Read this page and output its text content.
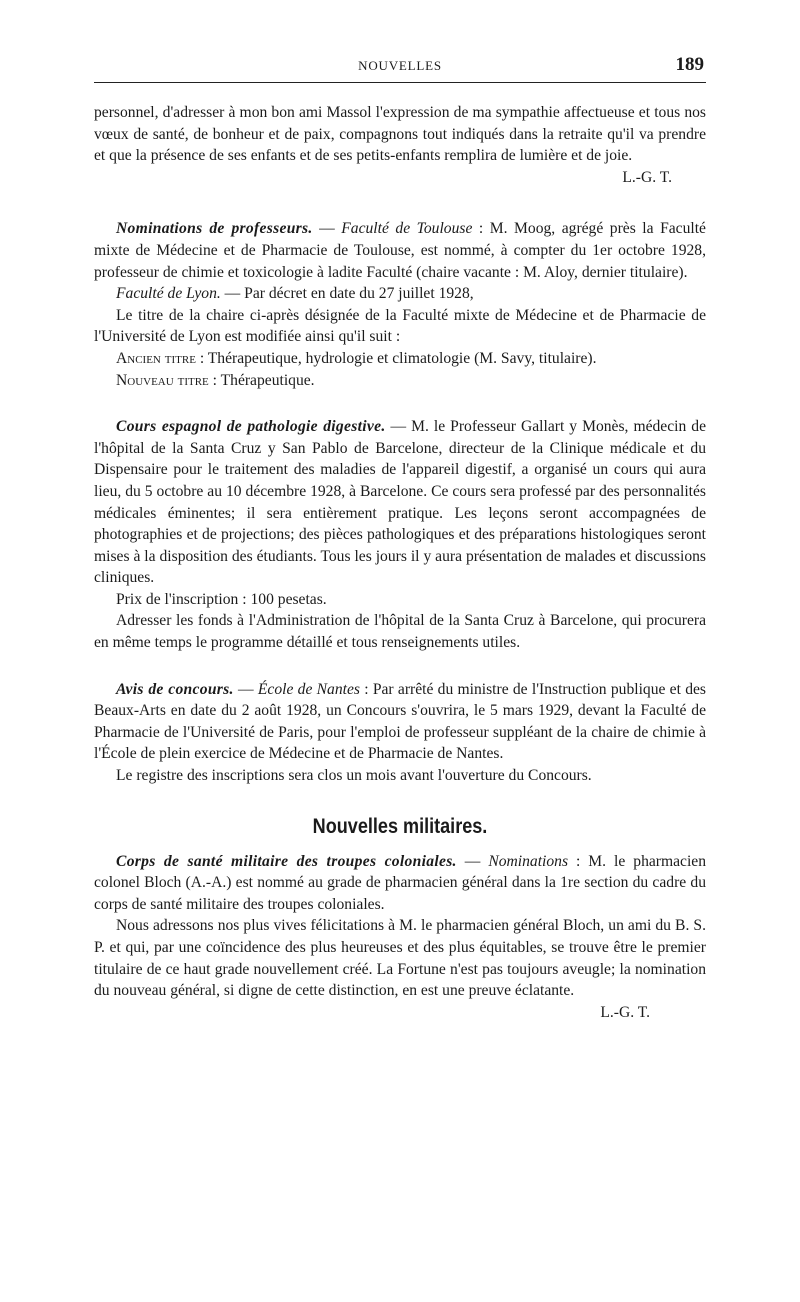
NOUVELLES	189

personnel, d'adresser à mon bon ami Massol l'expression de ma sympathie affectueuse et tous nos vœux de santé, de bonheur et de paix, compagnons tout indiqués dans la retraite qu'il va prendre et que la présence de ses enfants et de ses petits-enfants remplira de lumière et de joie.

L.-G. T.

Nominations de professeurs. — Faculté de Toulouse : M. Moog, agrégé près la Faculté mixte de Médecine et de Pharmacie de Toulouse, est nommé, à compter du 1er octobre 1928, professeur de chimie et toxicologie à ladite Faculté (chaire vacante : M. Aloy, dernier titulaire).

Faculté de Lyon. — Par décret en date du 27 juillet 1928,

Le titre de la chaire ci-après désignée de la Faculté mixte de Médecine et de Pharmacie de l'Université de Lyon est modifiée ainsi qu'il suit :

Ancien titre : Thérapeutique, hydrologie et climatologie (M. Savy, titulaire).

Nouveau titre : Thérapeutique.

Cours espagnol de pathologie digestive. — M. le Professeur Gallart y Monès, médecin de l'hôpital de la Santa Cruz y San Pablo de Barcelone, directeur de la Clinique médicale et du Dispensaire pour le traitement des maladies de l'appareil digestif, a organisé un cours qui aura lieu, du 5 octobre au 10 décembre 1928, à Barcelone. Ce cours sera professé par des personnalités médicales éminentes; il sera entièrement pratique. Les leçons seront accompagnées de photographies et de projections; des pièces pathologiques et des préparations histologiques seront mises à la disposition des étudiants. Tous les jours il y aura présentation de malades et discussions cliniques.

Prix de l'inscription : 100 pesetas.

Adresser les fonds à l'Administration de l'hôpital de la Santa Cruz à Barcelone, qui procurera en même temps le programme détaillé et tous renseignements utiles.

Avis de concours. — École de Nantes : Par arrêté du ministre de l'Instruction publique et des Beaux-Arts en date du 2 août 1928, un Concours s'ouvrira, le 5 mars 1929, devant la Faculté de Pharmacie de l'Université de Paris, pour l'emploi de professeur suppléant de la chaire de chimie à l'École de plein exercice de Médecine et de Pharmacie de Nantes.

Le registre des inscriptions sera clos un mois avant l'ouverture du Concours.

Nouvelles militaires.

Corps de santé militaire des troupes coloniales. — Nominations : M. le pharmacien colonel Bloch (A.-A.) est nommé au grade de pharmacien général dans la 1re section du cadre du corps de santé militaire des troupes coloniales.

Nous adressons nos plus vives félicitations à M. le pharmacien général Bloch, un ami du B. S. P. et qui, par une coïncidence des plus heureuses et des plus équitables, se trouve être le premier titulaire de ce haut grade nouvellement créé. La Fortune n'est pas toujours aveugle; la nomination du nouveau général, si digne de cette distinction, en est une preuve éclatante.

L.-G. T.
